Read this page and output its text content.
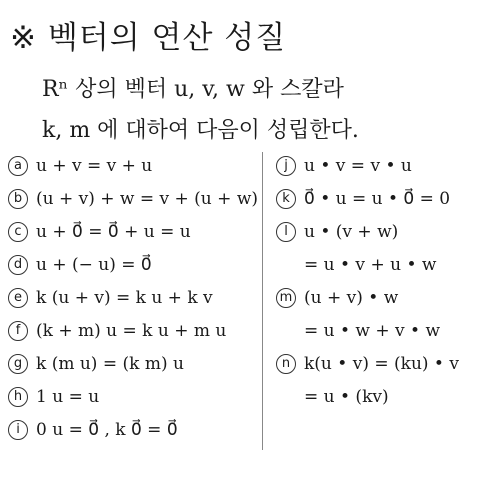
※ 벡터의 연산 성질
Rⁿ 상의 벡터 u, v, w 와 스칼라
k, m 에 대하여 다음이 성립한다.
a u + v = v + u
b (u + v) + w = v + (u + w)
c u + 0⃗ = 0⃗ + u = u
d u + (− u) = 0⃗
e k (u + v) = k u + k v
f (k + m) u = k u + m u
g k (m u) = (k m) u
h 1 u = u
i 0 u = 0⃗ , k 0⃗ = 0⃗
j u • v = v • u
k 0⃗ • u = u • 0⃗ = 0
l u • (v + w)
= u • v + u • w
m (u + v) • w
= u • w + v • w
n k(u • v) = (ku) • v
= u • (kv)
